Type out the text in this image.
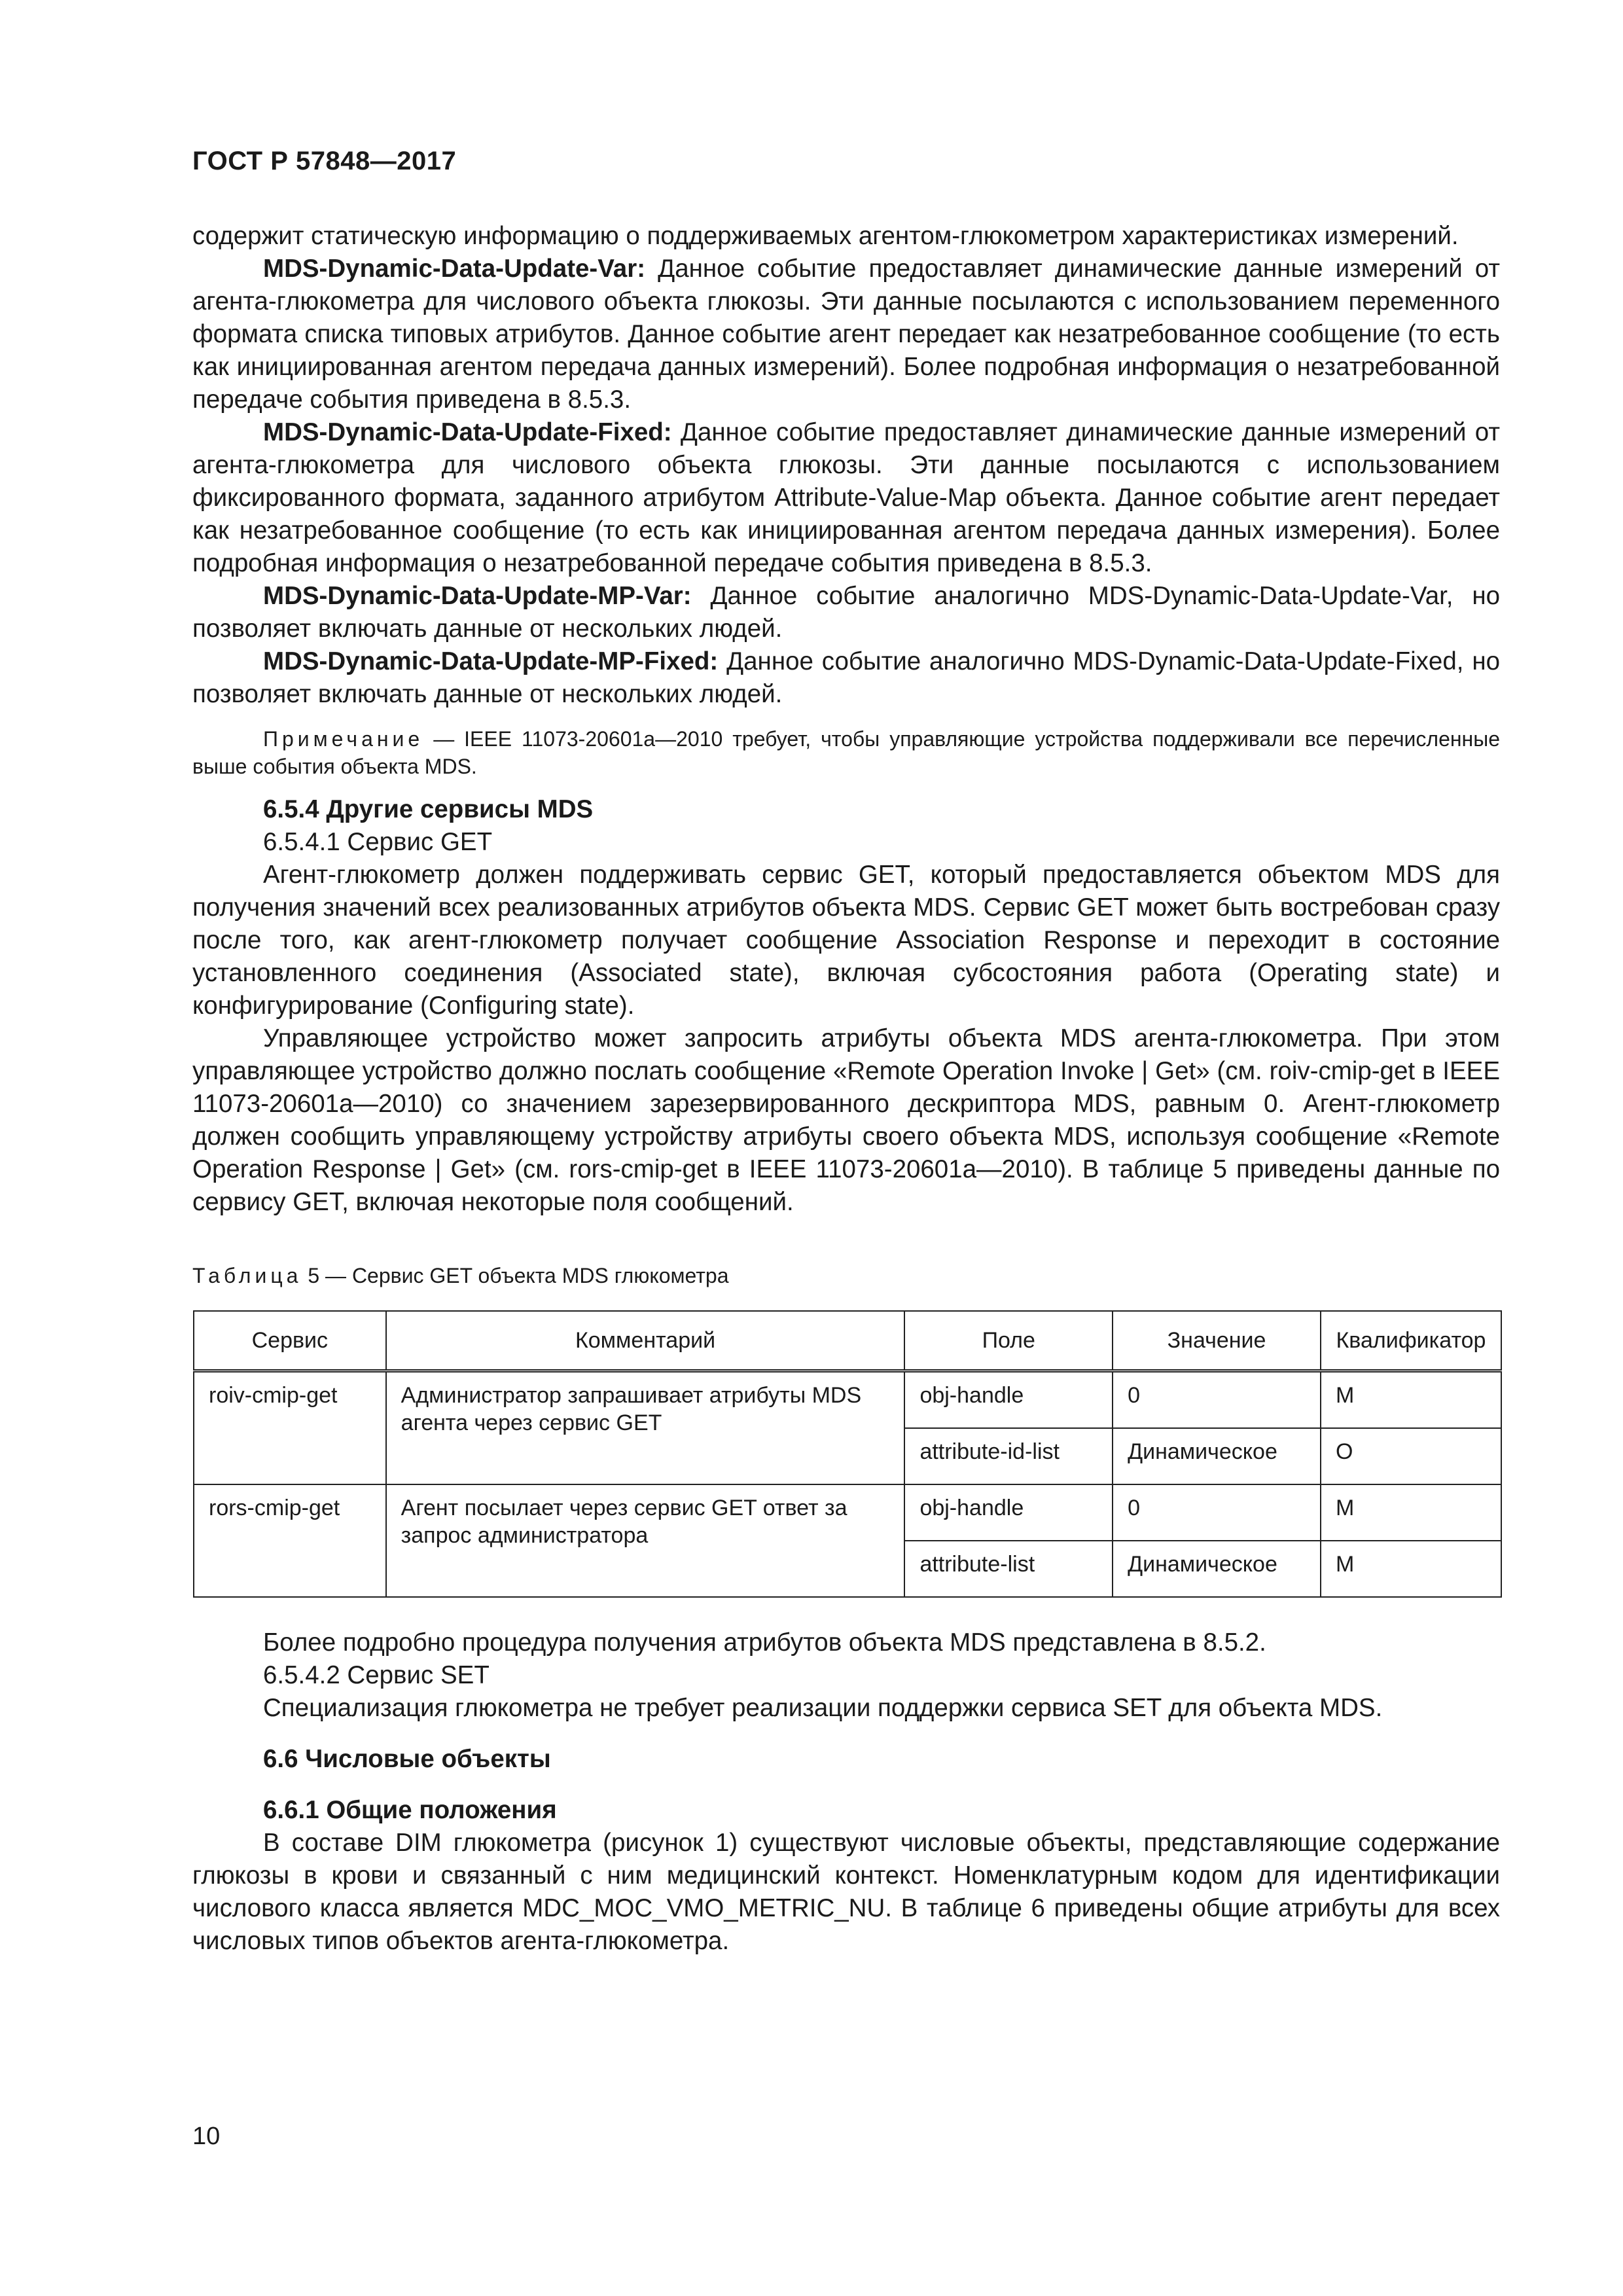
ГОСТ Р 57848—2017

содержит статическую информацию о поддерживаемых агентом-глюкометром характеристиках измерений.

MDS-Dynamic-Data-Update-Var: Данное событие предоставляет динамические данные измерений от агента-глюкометра для числового объекта глюкозы. Эти данные посылаются с использованием переменного формата списка типовых атрибутов. Данное событие агент передает как незатребованное сообщение (то есть как инициированная агентом передача данных измерений). Более подробная информация о незатребованной передаче события приведена в 8.5.3.

MDS-Dynamic-Data-Update-Fixed: Данное событие предоставляет динамические данные измерений от агента-глюкометра для числового объекта глюкозы. Эти данные посылаются с использованием фиксированного формата, заданного атрибутом Attribute-Value-Map объекта. Данное событие агент передает как незатребованное сообщение (то есть как инициированная агентом передача данных измерения). Более подробная информация о незатребованной передаче события приведена в 8.5.3.

MDS-Dynamic-Data-Update-MP-Var: Данное событие аналогично MDS-Dynamic-Data-Update-Var, но позволяет включать данные от нескольких людей.

MDS-Dynamic-Data-Update-MP-Fixed: Данное событие аналогично MDS-Dynamic-Data-Update-Fixed, но позволяет включать данные от нескольких людей.

Примечание — IEEE 11073-20601a—2010 требует, чтобы управляющие устройства поддерживали все перечисленные выше события объекта MDS.

6.5.4 Другие сервисы MDS

6.5.4.1 Сервис GET

Агент-глюкометр должен поддерживать сервис GET, который предоставляется объектом MDS для получения значений всех реализованных атрибутов объекта MDS. Сервис GET может быть востребован сразу после того, как агент-глюкометр получает сообщение Association Response и переходит в состояние установленного соединения (Associated state), включая субсостояния работа (Operating state) и конфигурирование (Configuring state).

Управляющее устройство может запросить атрибуты объекта MDS агента-глюкометра. При этом управляющее устройство должно послать сообщение «Remote Operation Invoke | Get» (см. roiv-cmip-get в IEEE 11073-20601a—2010) со значением зарезервированного дескриптора MDS, равным 0. Агент-глюкометр должен сообщить управляющему устройству атрибуты своего объекта MDS, используя сообщение «Remote Operation Response | Get» (см. rors-cmip-get в IEEE 11073-20601a—2010). В таблице 5 приведены данные по сервису GET, включая некоторые поля сообщений.

Таблица 5 — Сервис GET объекта MDS глюкометра

Сервис	Комментарий	Поле	Значение	Квалификатор
roiv-cmip-get	Администратор запрашивает атрибуты MDS агента через сервис GET	obj-handle	0	M
		attribute-id-list	Динамическое	O
rors-cmip-get	Агент посылает через сервис GET ответ за запрос администратора	obj-handle	0	M
		attribute-list	Динамическое	M

Более подробно процедура получения атрибутов объекта MDS представлена в 8.5.2.

6.5.4.2 Сервис SET

Специализация глюкометра не требует реализации поддержки сервиса SET для объекта MDS.

6.6 Числовые объекты

6.6.1 Общие положения

В составе DIM глюкометра (рисунок 1) существуют числовые объекты, представляющие содержание глюкозы в крови и связанный с ним медицинский контекст. Номенклатурным кодом для идентификации числового класса является MDC_MOC_VMO_METRIC_NU. В таблице 6 приведены общие атрибуты для всех числовых типов объектов агента-глюкометра.

10
